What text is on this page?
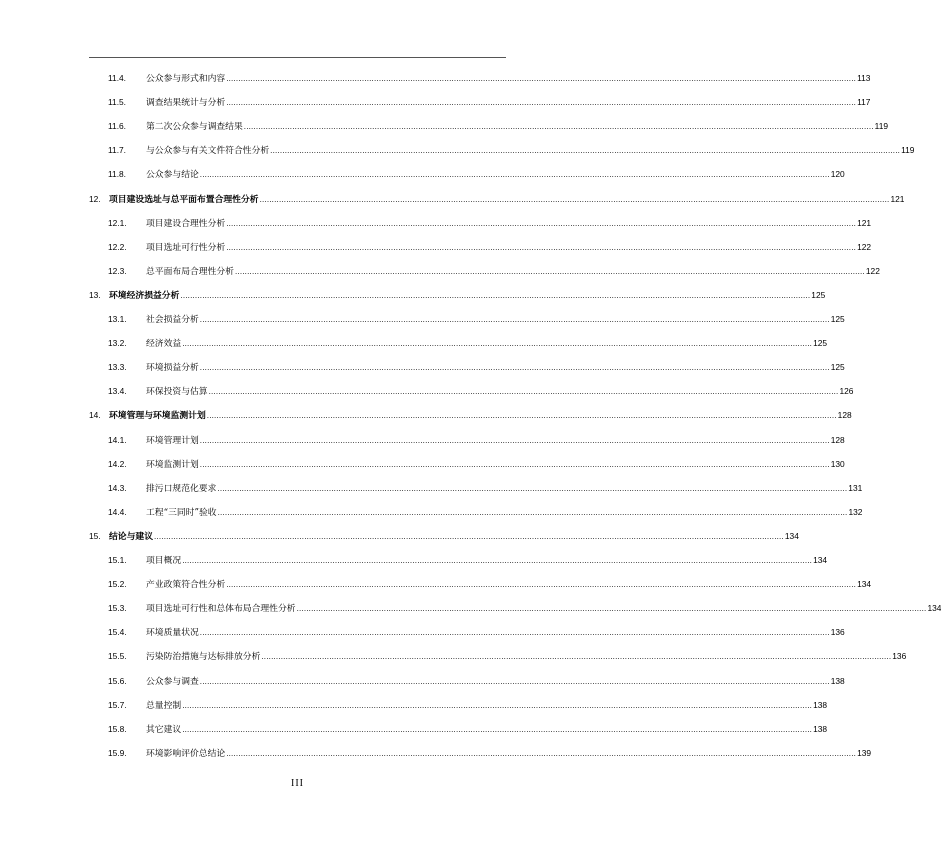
11.4.	公众参与形式和内容 .................................................................................................................................................................................................................................................................... 113
11.5.	调查结果统计与分析 .................................................................................................................................................................................................................................................................... 117
11.6.	第二次公众参与调查结果 .................................................................................................................................................................................................................................................................... 119
11.7.	与公众参与有关文件符合性分析 .................................................................................................................................................................................................................................................................... 119
11.8.	公众参与结论 .................................................................................................................................................................................................................................................................... 120
12. 项目建设选址与总平面布置合理性分析 .................................................................................................................................................................................................................................................................... 121
12.1.	项目建设合理性分析 .................................................................................................................................................................................................................................................................... 121
12.2.	项目选址可行性分析 .................................................................................................................................................................................................................................................................... 122
12.3.	总平面布局合理性分析 .................................................................................................................................................................................................................................................................... 122
13. 环境经济损益分析 .................................................................................................................................................................................................................................................................... 125
13.1.	社会损益分析 .................................................................................................................................................................................................................................................................... 125
13.2.	经济效益 .................................................................................................................................................................................................................................................................... 125
13.3.	环境损益分析 .................................................................................................................................................................................................................................................................... 125
13.4.	环保投资与估算 .................................................................................................................................................................................................................................................................... 126
14. 环境管理与环境监测计划 .................................................................................................................................................................................................................................................................... 128
14.1.	环境管理计划 .................................................................................................................................................................................................................................................................... 128
14.2.	环境监测计划 .................................................................................................................................................................................................................................................................... 130
14.3.	排污口规范化要求 .................................................................................................................................................................................................................................................................... 131
14.4.	工程“三同时”验收 .................................................................................................................................................................................................................................................................... 132
15. 结论与建议 .................................................................................................................................................................................................................................................................... 134
15.1.	项目概况 .................................................................................................................................................................................................................................................................... 134
15.2.	产业政策符合性分析 .................................................................................................................................................................................................................................................................... 134
15.3.	项目选址可行性和总体布局合理性分析 .................................................................................................................................................................................................................................................................... 134
15.4.	环境质量状况 .................................................................................................................................................................................................................................................................... 136
15.5.	污染防治措施与达标排放分析 .................................................................................................................................................................................................................................................................... 136
15.6.	公众参与调查 .................................................................................................................................................................................................................................................................... 138
15.7.	总量控制 .................................................................................................................................................................................................................................................................... 138
15.8.	其它建议 .................................................................................................................................................................................................................................................................... 138
15.9.	环境影响评价总结论 .................................................................................................................................................................................................................................................................... 139
III
